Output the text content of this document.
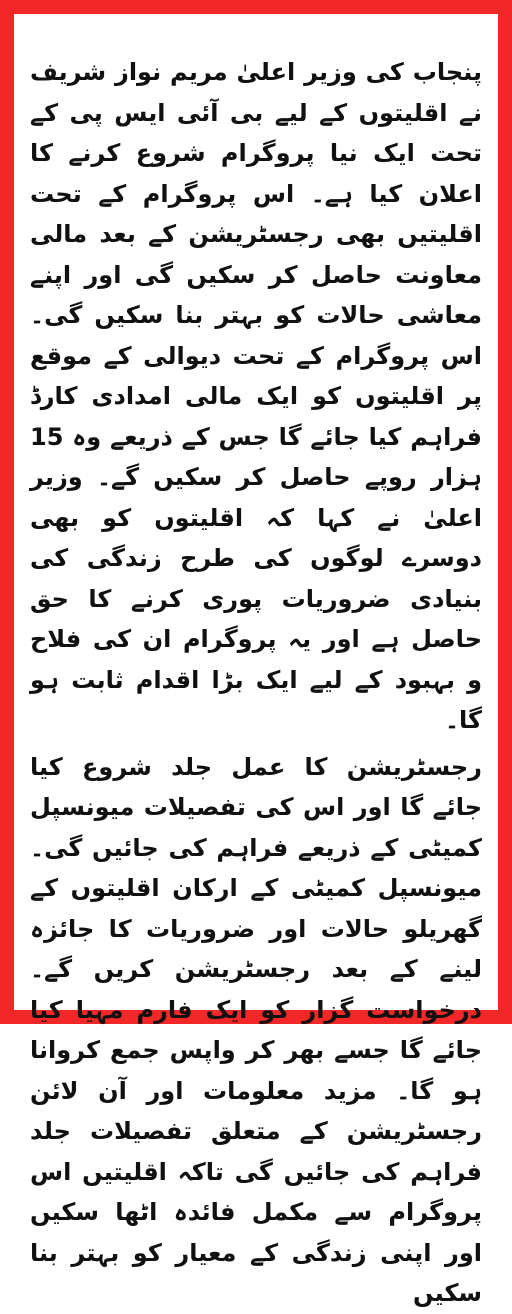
پنجاب کی وزیر اعلیٰ مریم نواز شریف نے اقلیتوں کے لیے بی آئی ایس پی کے تحت ایک نیا پروگرام شروع کرنے کا اعلان کیا ہے۔ اس پروگرام کے تحت اقلیتیں بھی رجسٹریشن کے بعد مالی معاونت حاصل کر سکیں گی اور اپنے معاشی حالات کو بہتر بنا سکیں گی۔ اس پروگرام کے تحت دیوالی کے موقع پر اقلیتوں کو ایک مالی امدادی کارڈ فراہم کیا جائے گا جس کے ذریعے وہ 15 ہزار روپے حاصل کر سکیں گے۔ وزیر اعلیٰ نے کہا کہ اقلیتوں کو بھی دوسرے لوگوں کی طرح زندگی کی بنیادی ضروریات پوری کرنے کا حق حاصل ہے اور یہ پروگرام ان کی فلاح و بہبود کے لیے ایک بڑا اقدام ثابت ہو گا۔

رجسٹریشن کا عمل جلد شروع کیا جائے گا اور اس کی تفصیلات میونسپل کمیٹی کے ذریعے فراہم کی جائیں گی۔ میونسپل کمیٹی کے ارکان اقلیتوں کے گھریلو حالات اور ضروریات کا جائزہ لینے کے بعد رجسٹریشن کریں گے۔ درخواست گزار کو ایک فارم مہیا کیا جائے گا جسے بھر کر واپس جمع کروانا ہو گا۔ مزید معلومات اور آن لائن رجسٹریشن کے متعلق تفصیلات جلد فراہم کی جائیں گی تاکہ اقلیتیں اس پروگرام سے مکمل فائدہ اٹھا سکیں اور اپنی زندگی کے معیار کو بہتر بنا سکیں
